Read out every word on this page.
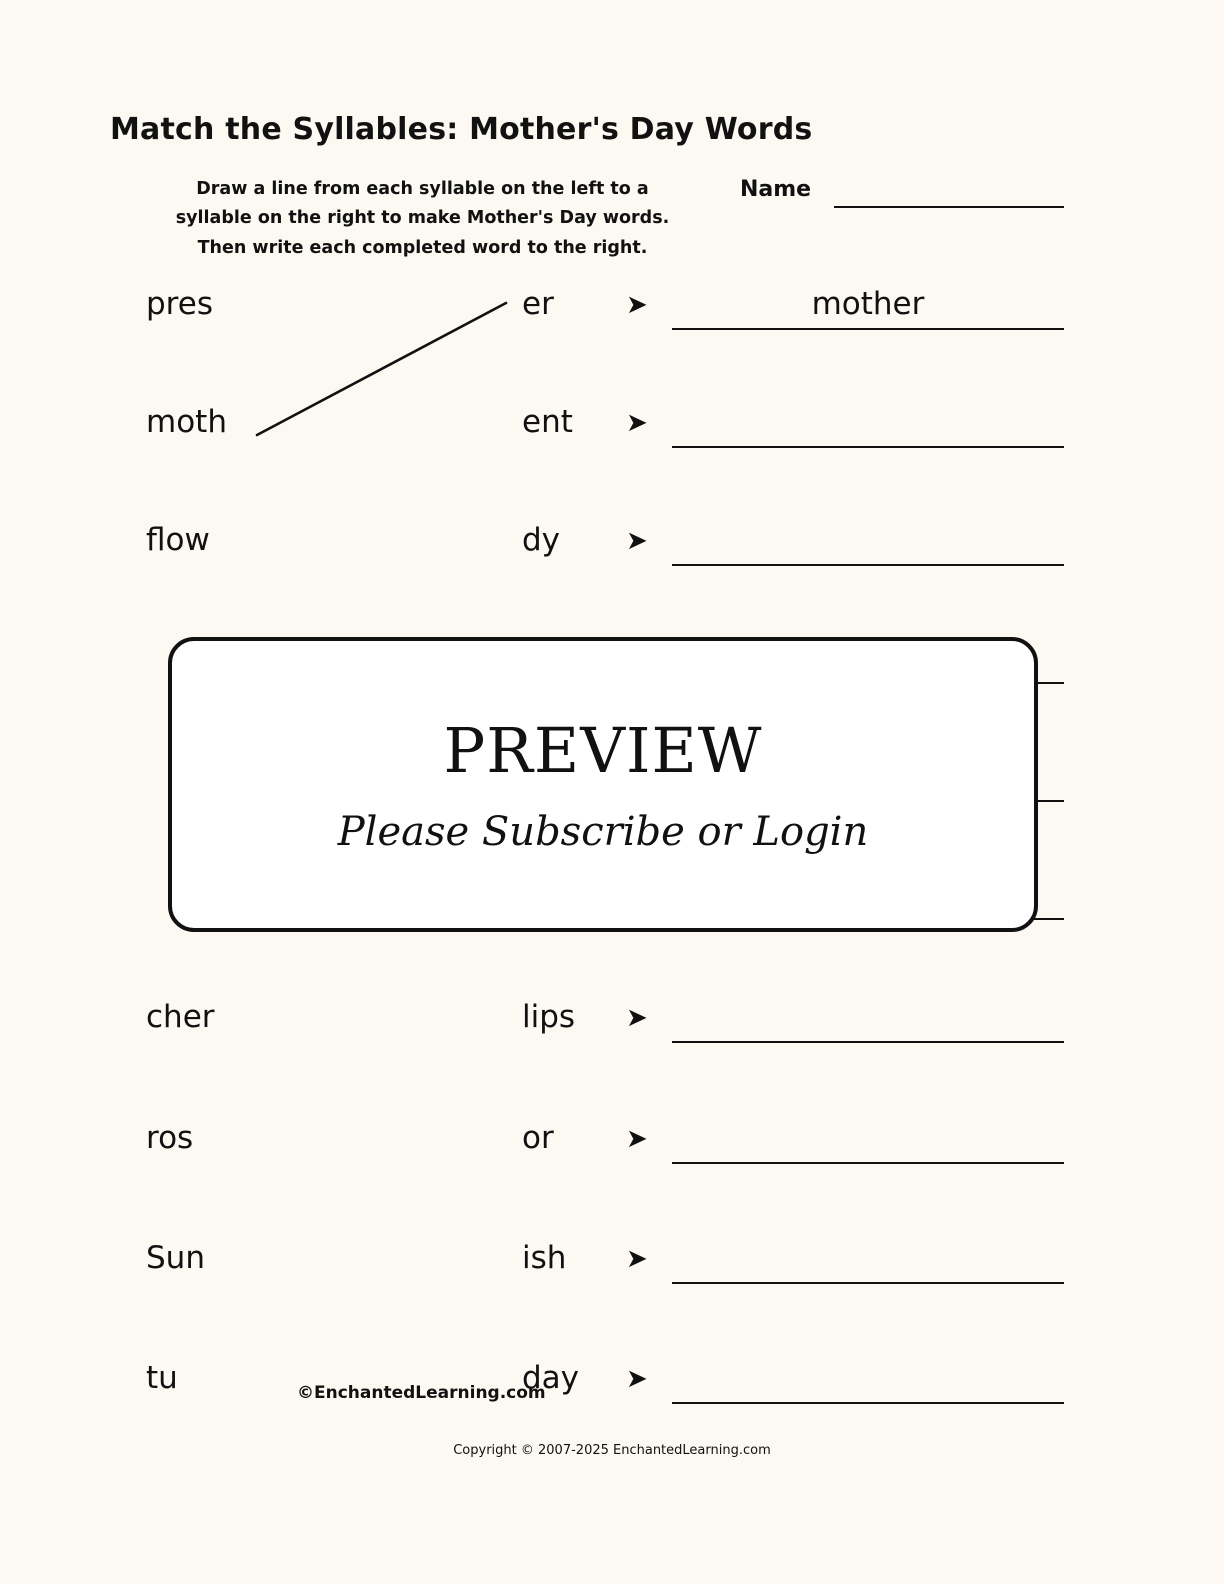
Match the Syllables: Mother's Day Words
Draw a line from each syllable on the left to a
syllable on the right to make Mother's Day words.
Then write each completed word to the right.
Name
pres	er	➤	mother
moth	ent ➤
flow	dy	➤
cher	lips ➤
ros	or	➤
Sun	ish ➤
tu	day ➤
PREVIEW
Please Subscribe or Login
©EnchantedLearning.com
Copyright © 2007-2025 EnchantedLearning.com
